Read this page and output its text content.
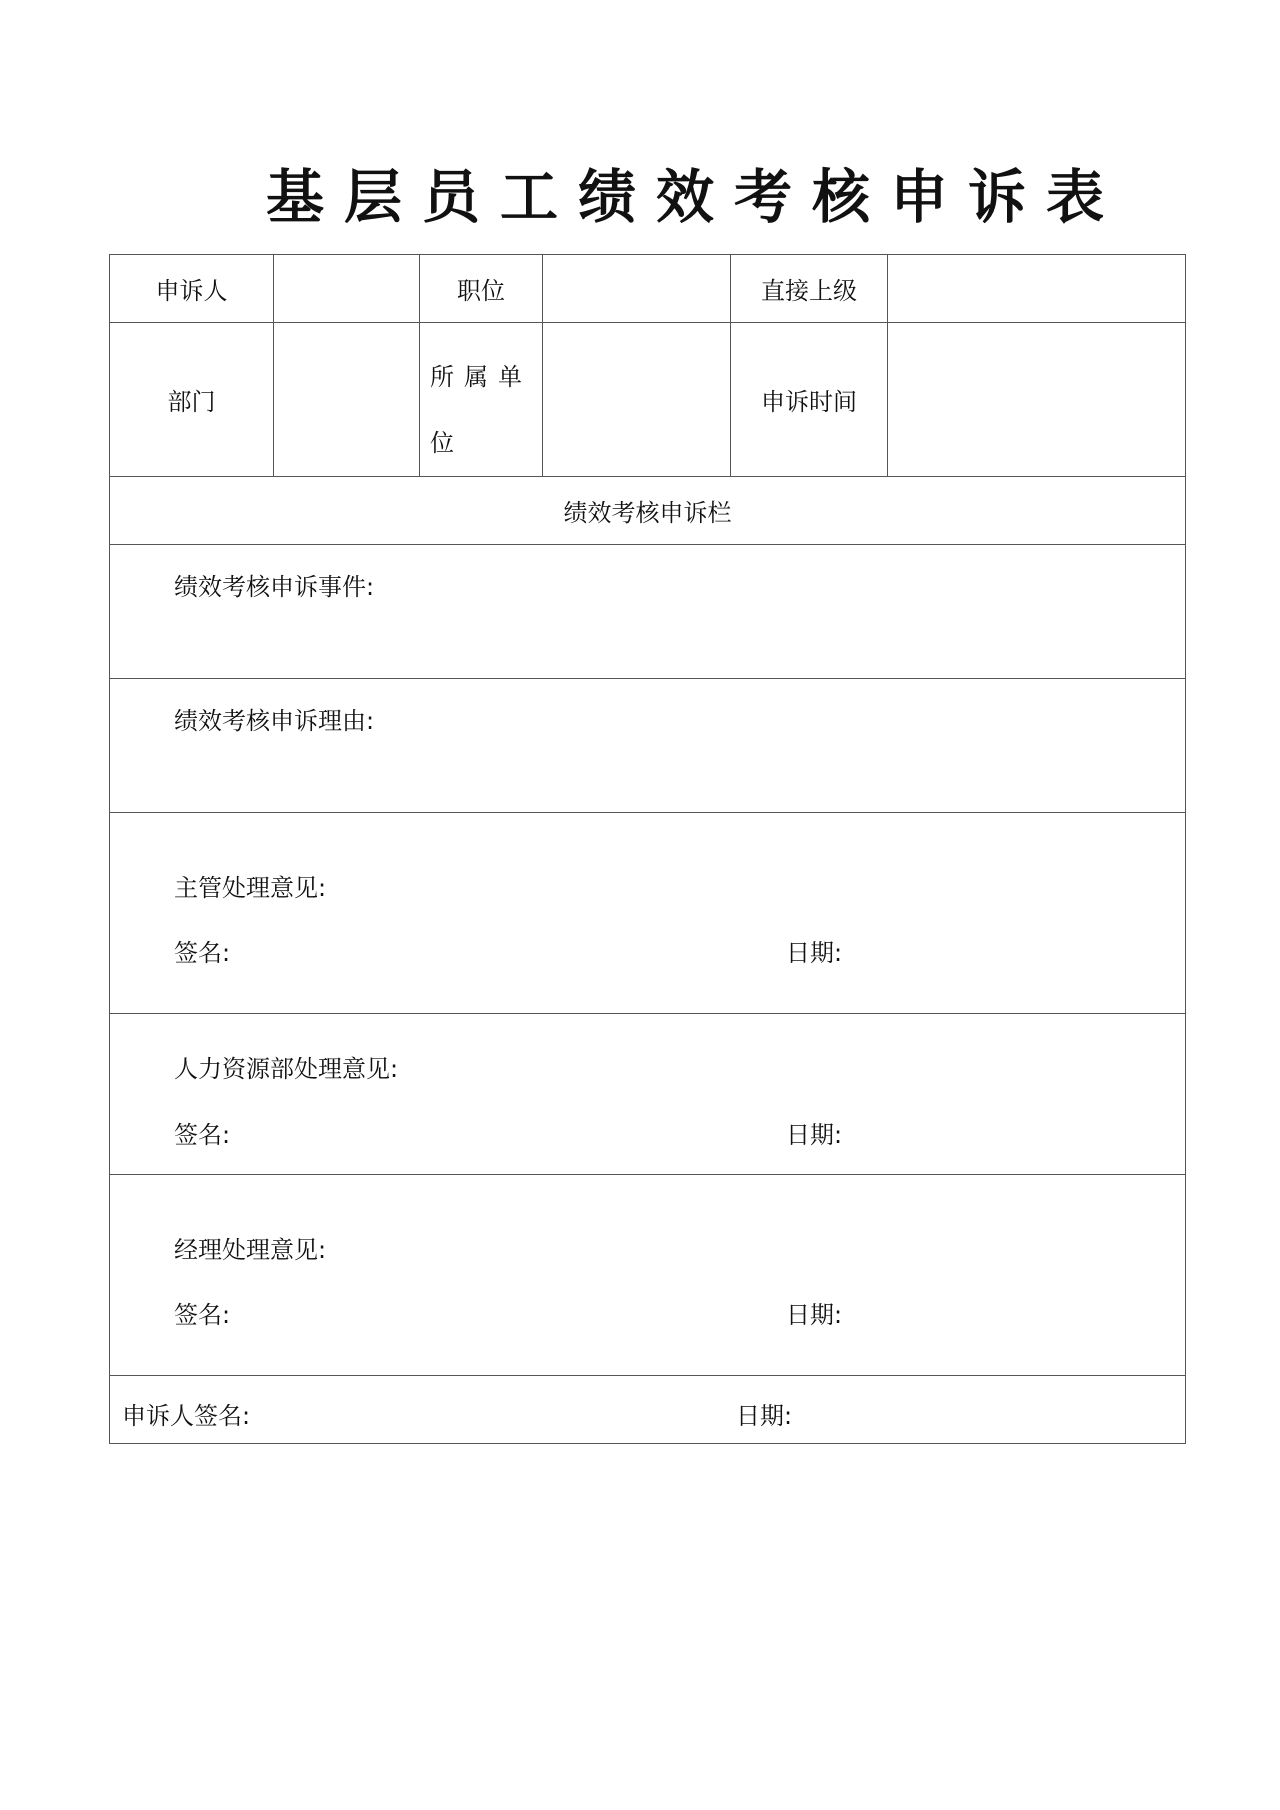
基层员工绩效考核申诉表
申诉人		职位		直接上级	
部门		所属单位		申诉时间	
绩效考核申诉栏					

绩效考核申诉事件:					

绩效考核申诉理由:					

主管处理意见:
签名: 日期:					

人力资源部处理意见:
签名: 日期:					

经理处理意见:
签名: 日期:					

申诉人签名: 日期:					
